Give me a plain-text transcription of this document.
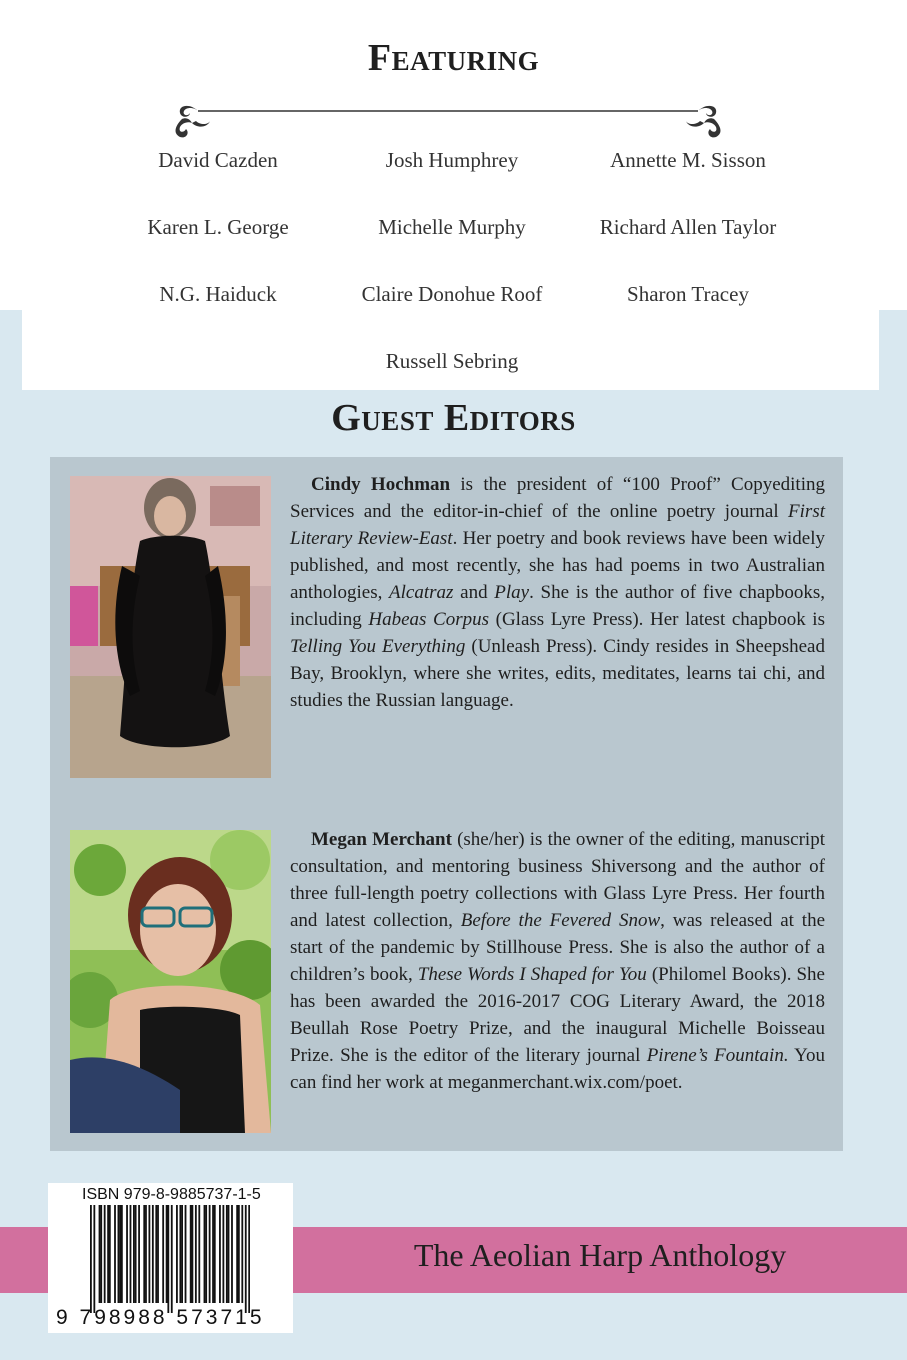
Featuring
David Cazden	Josh Humphrey	Annette M. Sisson
Karen L. George	Michelle Murphy	Richard Allen Taylor
N.G. Haiduck	Claire Donohue Roof	Sharon Tracey
Russell Sebring
Guest Editors

Cindy Hochman is the president of “100 Proof” Copyediting Services and the editor-in-chief of the online poetry journal First Literary Review-East. Her poetry and book reviews have been widely published, and most recently, she has had poems in two Australian anthologies, Alcatraz and Play. She is the author of five chapbooks, including Habeas Corpus (Glass Lyre Press). Her latest chapbook is Telling You Everything (Unleash Press). Cindy resides in Sheepshead Bay, Brooklyn, where she writes, edits, meditates, learns tai chi, and studies the Russian language.

Megan Merchant (she/her) is the owner of the editing, manuscript consultation, and mentoring business Shiversong and the author of three full-length poetry collections with Glass Lyre Press. Her fourth and latest collection, Before the Fevered Snow, was released at the start of the pandemic by Stillhouse Press. She is also the author of a children’s book, These Words I Shaped for You (Philomel Books). She has been awarded the 2016-2017 COG Literary Award, the 2018 Beullah Rose Poetry Prize, and the inaugural Michelle Boisseau Prize. She is the editor of the literary journal Pirene’s Fountain. You can find her work at meganmerchant.wix.com/poet.

The Aeolian Harp Anthology
ISBN 979-8-9885737-1-5
9 798988 573715
